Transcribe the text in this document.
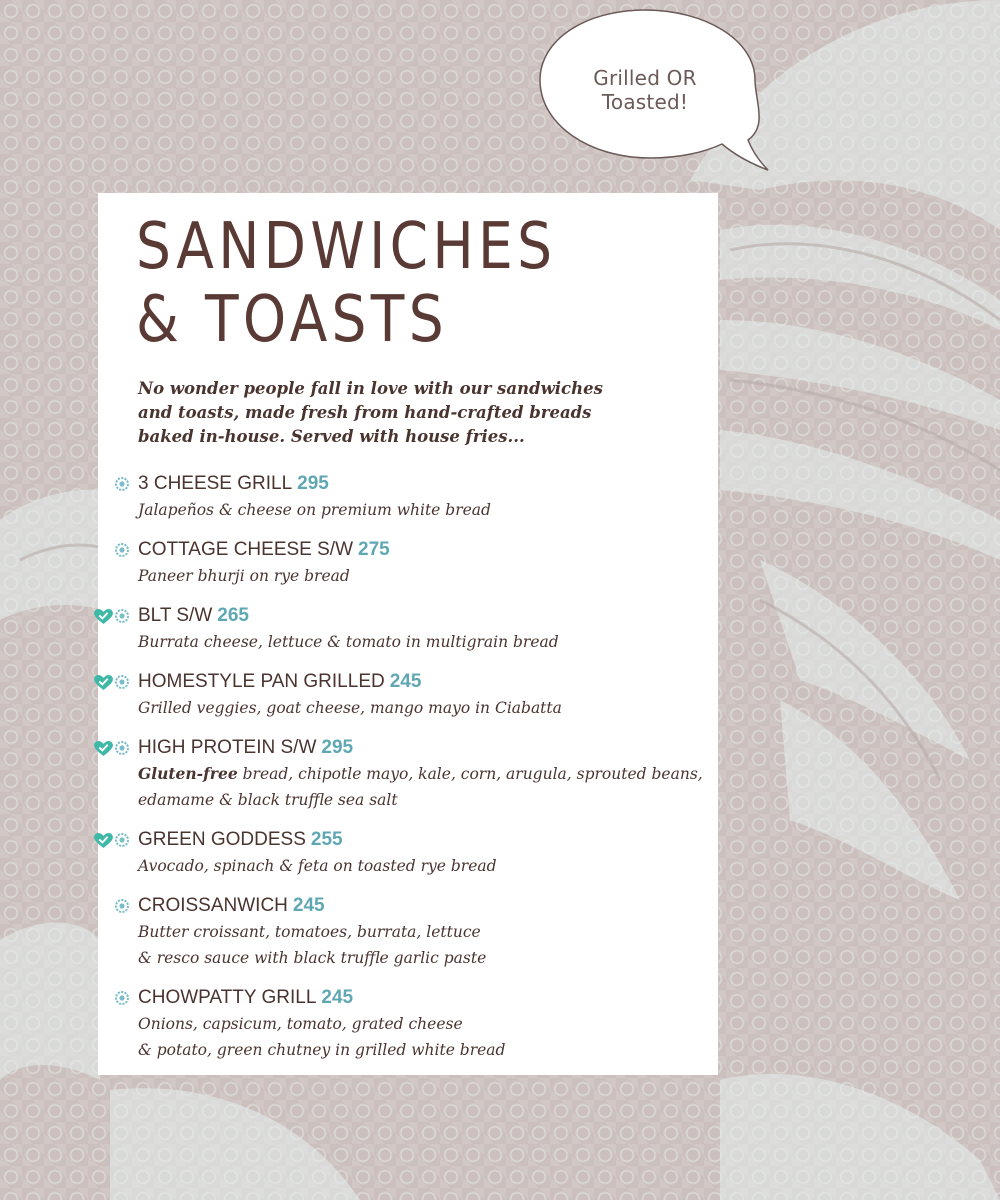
Grilled OR Toasted!
SANDWICHES
& TOASTS

No wonder people fall in love with our sandwiches and toasts, made fresh from hand-crafted breads baked in-house. Served with house fries...

3 CHEESE GRILL 295

Jalapeños & cheese on premium white bread

COTTAGE CHEESE S/W 275

Paneer bhurji on rye bread

BLT S/W 265

Burrata cheese, lettuce & tomato in multigrain bread

HOMESTYLE PAN GRILLED 245

Grilled veggies, goat cheese, mango mayo in Ciabatta

HIGH PROTEIN S/W 295

Gluten-free bread, chipotle mayo, kale, corn, arugula, sprouted beans,

edamame & black truffle sea salt

GREEN GODDESS 255

Avocado, spinach & feta on toasted rye bread

CROISSANWICH 245

Butter croissant, tomatoes, burrata, lettuce

& resco sauce with black truffle garlic paste

CHOWPATTY GRILL 245

Onions, capsicum, tomato, grated cheese

& potato, green chutney in grilled white bread
